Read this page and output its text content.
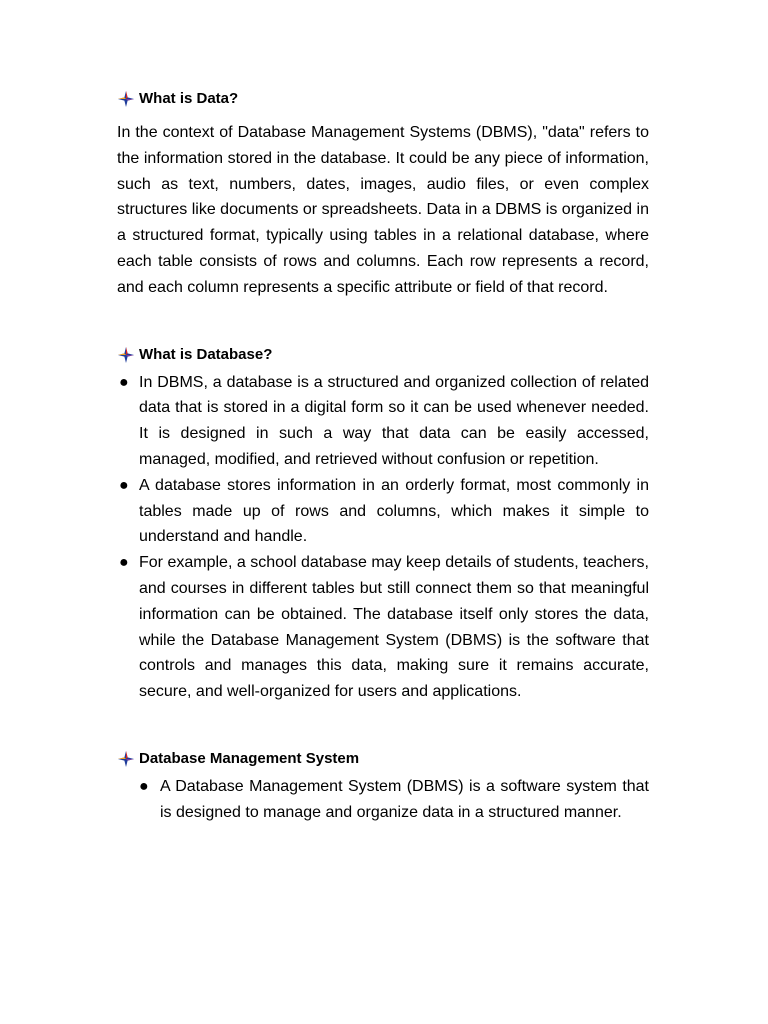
What is Data?

In the context of Database Management Systems (DBMS), "data" refers to the information stored in the database. It could be any piece of information, such as text, numbers, dates, images, audio files, or even complex structures like documents or spreadsheets. Data in a DBMS is organized in a structured format, typically using tables in a relational database, where each table consists of rows and columns. Each row represents a record, and each column represents a specific attribute or field of that record.

What is Database?
● In DBMS, a database is a structured and organized collection of related data that is stored in a digital form so it can be used whenever needed. It is designed in such a way that data can be easily accessed, managed, modified, and retrieved without confusion or repetition.
● A database stores information in an orderly format, most commonly in tables made up of rows and columns, which makes it simple to understand and handle.
● For example, a school database may keep details of students, teachers, and courses in different tables but still connect them so that meaningful information can be obtained. The database itself only stores the data, while the Database Management System (DBMS) is the software that controls and manages this data, making sure it remains accurate, secure, and well-organized for users and applications.
Database Management System
● A Database Management System (DBMS) is a software system that is designed to manage and organize data in a structured manner.
